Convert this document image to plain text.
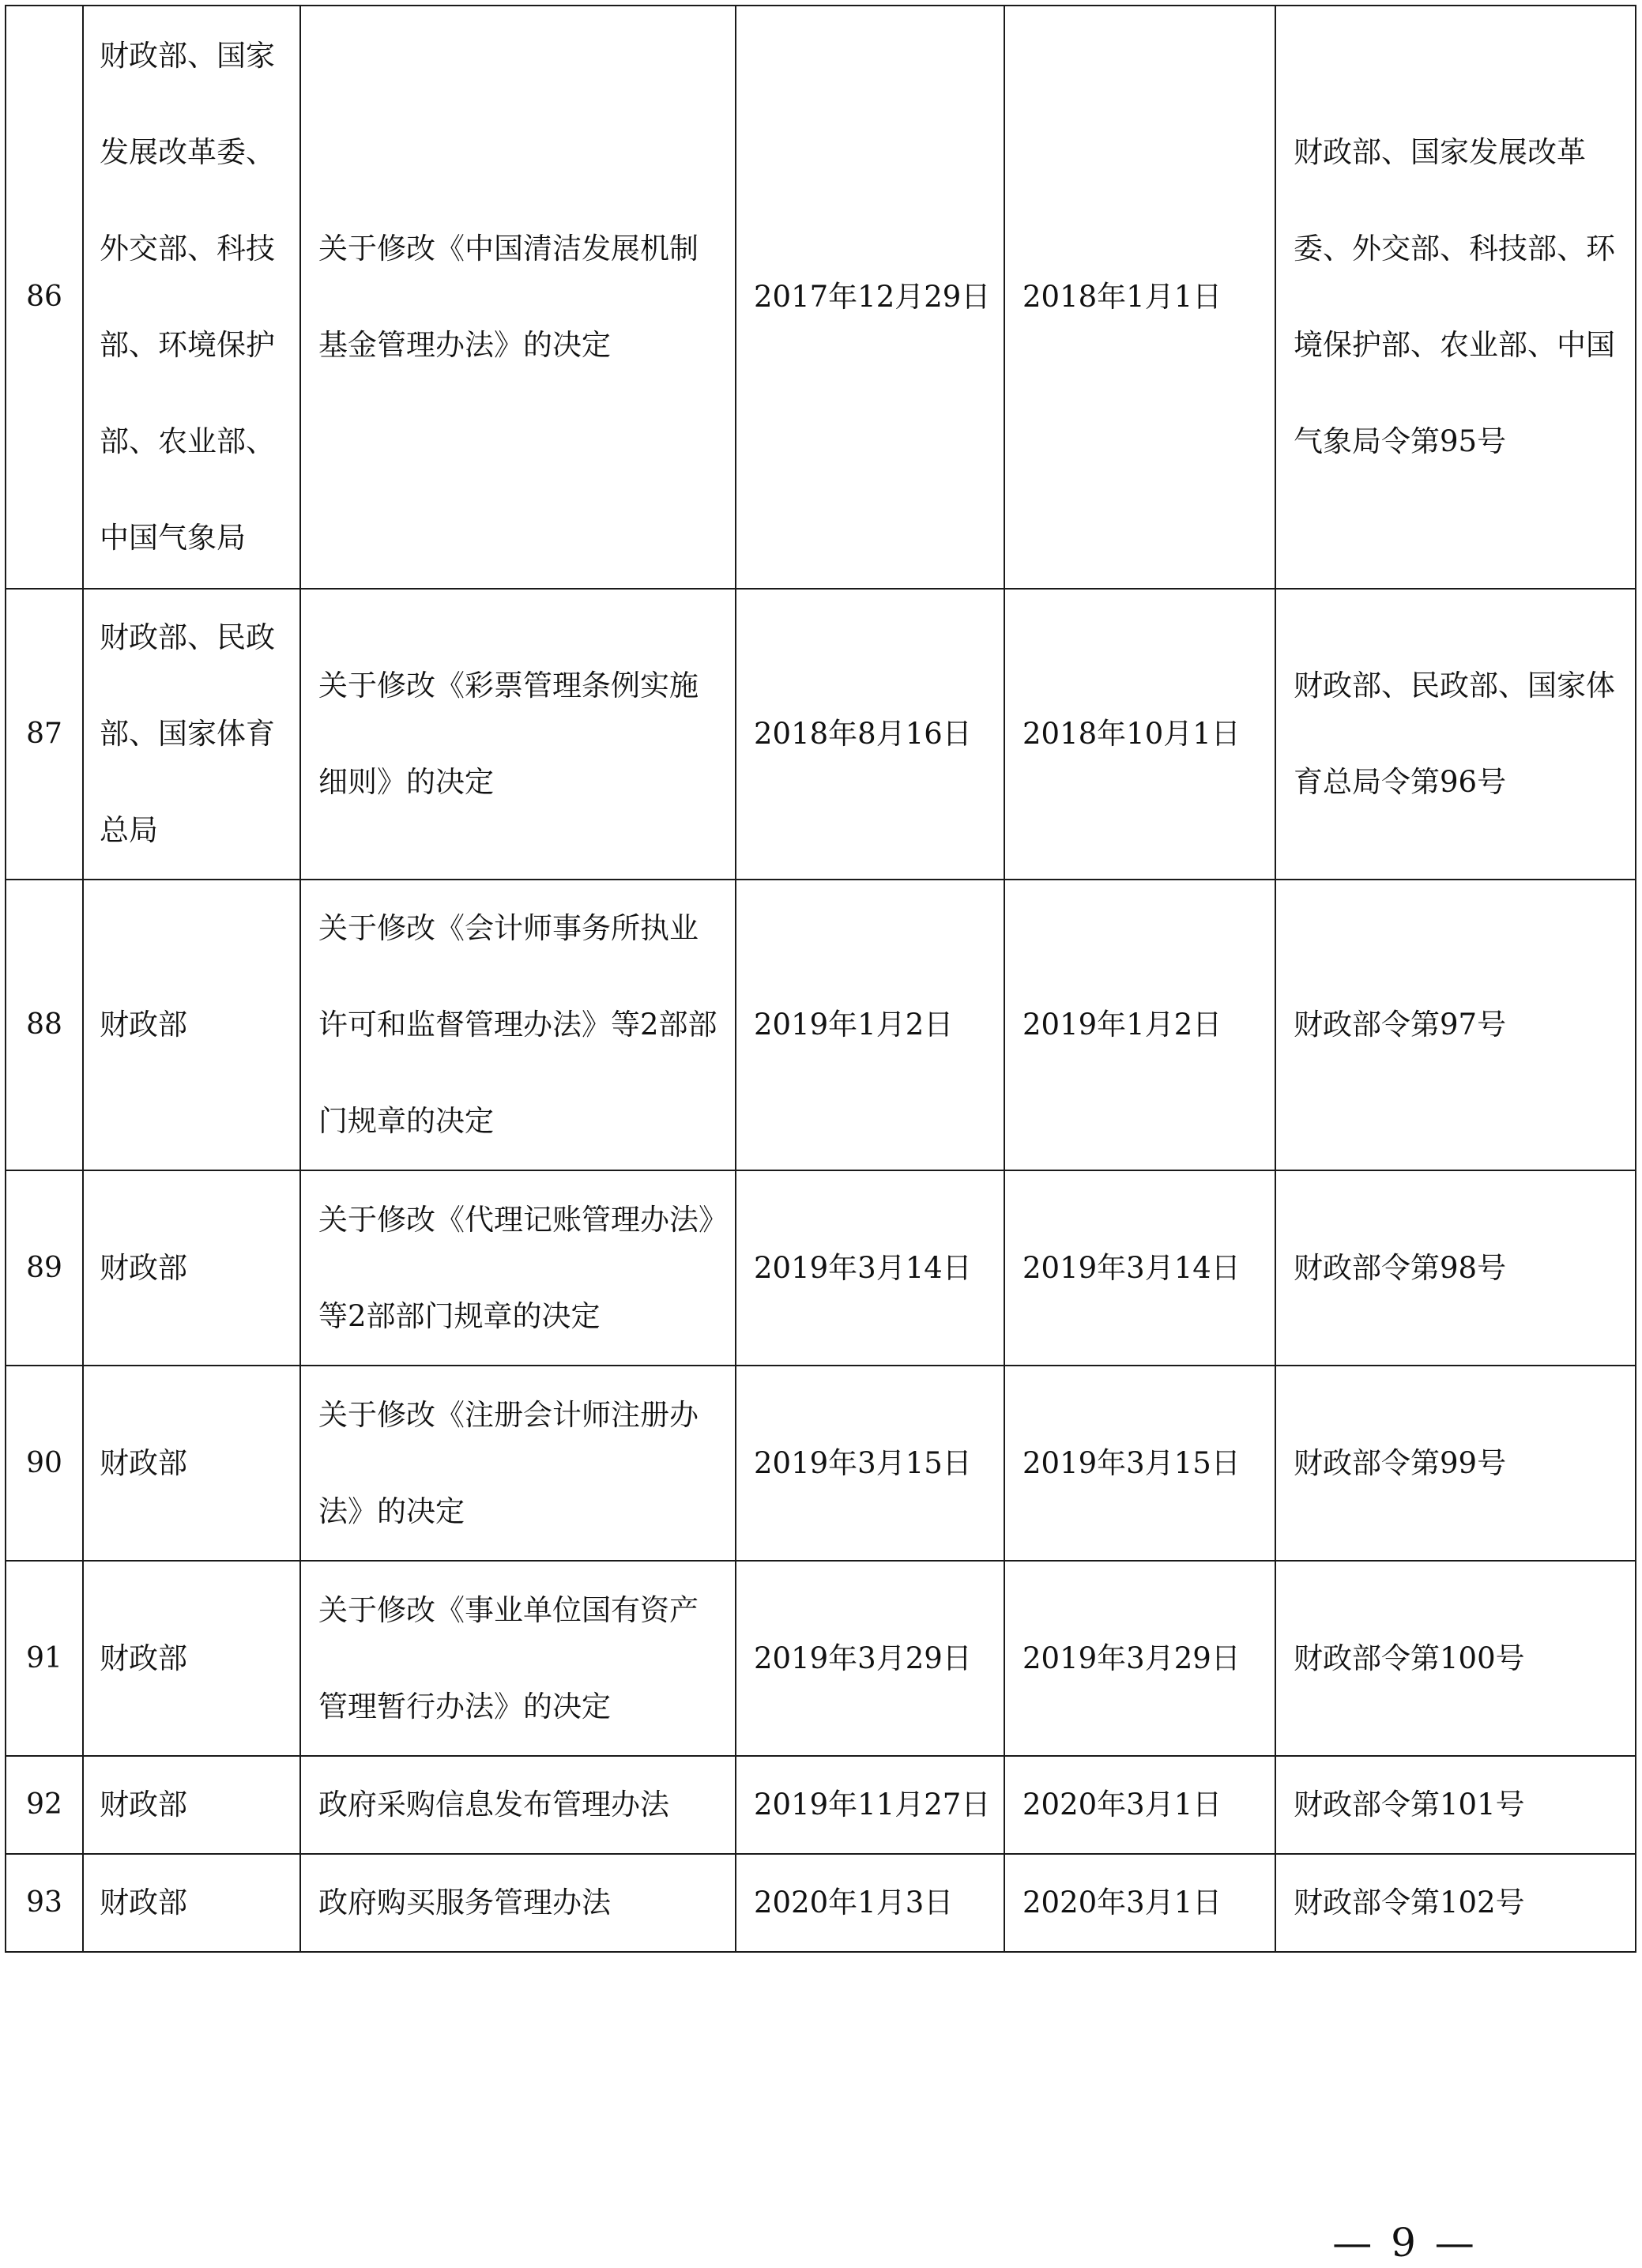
86	财政部、国家发展改革委、外交部、科技部、环境保护部、农业部、中国气象局	关于修改《中国清洁发展机制基金管理办法》的决定	2017年12月29日	2018年1月1日	财政部、国家发展改革委、外交部、科技部、环境保护部、农业部、中国气象局令第95号
87	财政部、民政部、国家体育总局	关于修改《彩票管理条例实施细则》的决定	2018年8月16日	2018年10月1日	财政部、民政部、国家体育总局令第96号
88	财政部	关于修改《会计师事务所执业许可和监督管理办法》等2部部门规章的决定	2019年1月2日	2019年1月2日	财政部令第97号
89	财政部	关于修改《代理记账管理办法》等2部部门规章的决定	2019年3月14日	2019年3月14日	财政部令第98号
90	财政部	关于修改《注册会计师注册办法》的决定	2019年3月15日	2019年3月15日	财政部令第99号
91	财政部	关于修改《事业单位国有资产管理暂行办法》的决定	2019年3月29日	2019年3月29日	财政部令第100号
92	财政部	政府采购信息发布管理办法	2019年11月27日	2020年3月1日	财政部令第101号
93	财政部	政府购买服务管理办法	2020年1月3日	2020年3月1日	财政部令第102号
— 9 —
